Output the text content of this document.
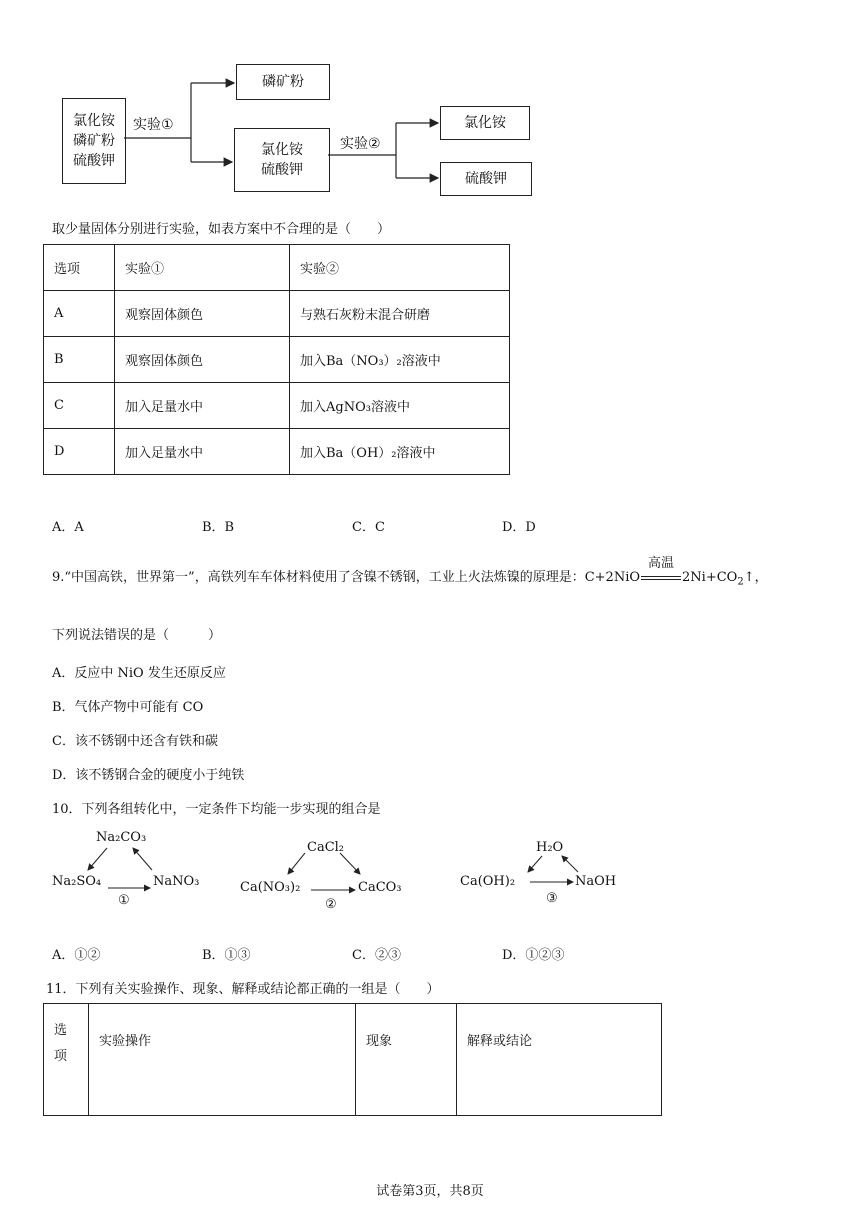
氯化铵
磷矿粉
硫酸钾
实验①
磷矿粉
氯化铵
硫酸钾
实验②
氯化铵
硫酸钾
取少量固体分别进行实验，如表方案中不合理的是（　　）
选项	实验①	实验②
A	观察固体颜色	与熟石灰粉末混合研磨
B	观察固体颜色	加入Ba（NO₃）₂溶液中
C	加入足量水中	加入AgNO₃溶液中
D	加入足量水中	加入Ba（OH）₂溶液中
A．A	B．B	C．C	D．D
9.“中国高铁，世界第一”，高铁列车车体材料使用了含镍不锈钢，工业上火法炼镍的原理是：C+2NiO
高温
$2Ni+CO_2↑$，
下列说法错误的是（　　　）
A．反应中 NiO 发生还原反应
B．气体产物中可能有 CO
C．该不锈钢中还含有铁和碳
D．该不锈钢合金的硬度小于纯铁
10．下列各组转化中，一定条件下均能一步实现的组合是
Na₂CO₃
Na₂SO₄	NaNO₃
①
CaCl₂
Ca(NO₃)₂	CaCO₃
②
H₂O
Ca(OH)₂	NaOH
③
A．①②	B．①③	C．②③	D．①②③
11．下列有关实验操作、现象、解释或结论都正确的一组是（　　）
选
项	实验操作	现象	解释或结论
试卷第3页，共8页
